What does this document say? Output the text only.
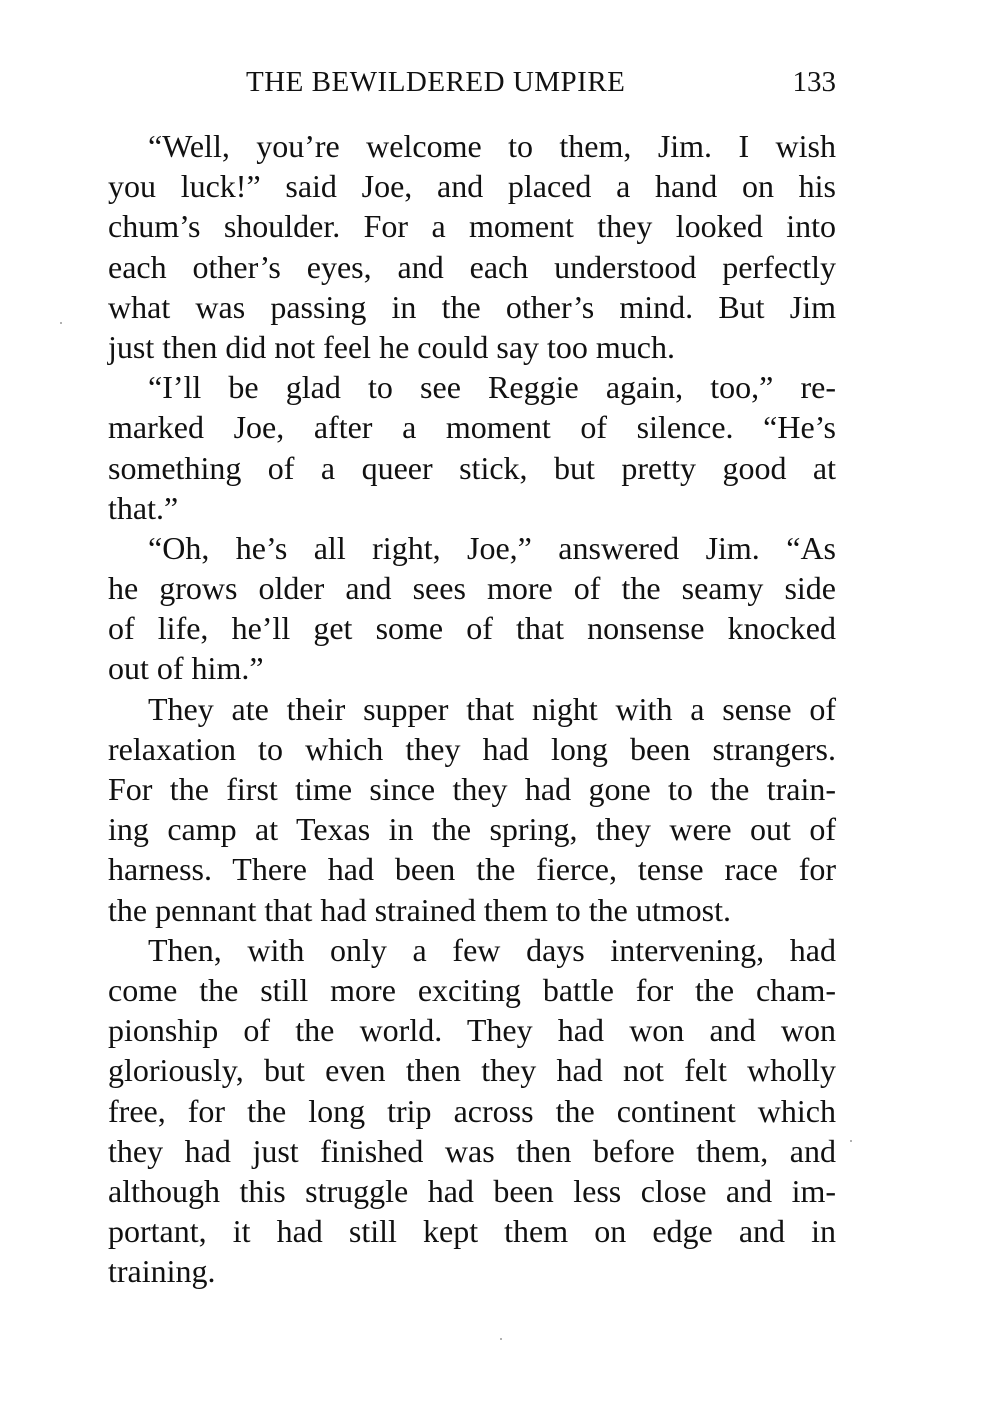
THE BEWILDERED UMPIRE	133
“Well, you’re welcome to them, Jim. I wish
you luck!” said Joe, and placed a hand on his
chum’s shoulder. For a moment they looked into
each other’s eyes, and each understood perfectly
what was passing in the other’s mind. But Jim
just then did not feel he could say too much.
“I’ll be glad to see Reggie again, too,” re-
marked Joe, after a moment of silence. “He’s
something of a queer stick, but pretty good at
that.”
“Oh, he’s all right, Joe,” answered Jim. “As
he grows older and sees more of the seamy side
of life, he’ll get some of that nonsense knocked
out of him.”
They ate their supper that night with a sense of
relaxation to which they had long been strangers.
For the first time since they had gone to the train-
ing camp at Texas in the spring, they were out of
harness. There had been the fierce, tense race for
the pennant that had strained them to the utmost.
Then, with only a few days intervening, had
come the still more exciting battle for the cham-
pionship of the world. They had won and won
gloriously, but even then they had not felt wholly
free, for the long trip across the continent which
they had just finished was then before them, and
although this struggle had been less close and im-
portant, it had still kept them on edge and in
training.
